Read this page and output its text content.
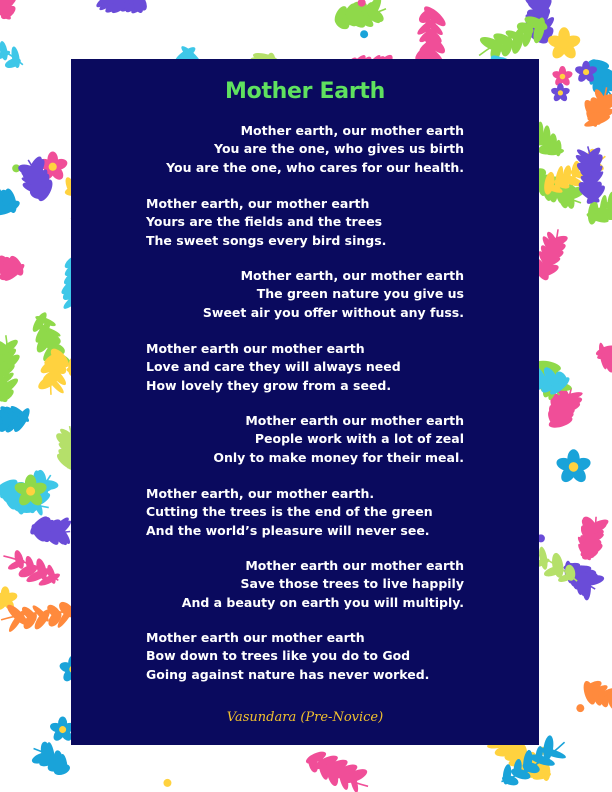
Mother Earth
Mother earth, our mother earth
You are the one, who gives us birth
You are the one, who cares for our health.
Mother earth, our mother earth
Yours are the fields and the trees
The sweet songs every bird sings.
Mother earth, our mother earth
The green nature you give us
Sweet air you offer without any fuss.
Mother earth our mother earth
Love and care they will always need
How lovely they grow from a seed.
Mother earth our mother earth
People work with a lot of zeal
Only to make money for their meal.
Mother earth, our mother earth.
Cutting the trees is the end of the green
And the world’s pleasure will never see.
Mother earth our mother earth
Save those trees to live happily
And a beauty on earth you will multiply.
Mother earth our mother earth
Bow down to trees like you do to God
Going against nature has never worked.
Vasundara (Pre-Novice)
